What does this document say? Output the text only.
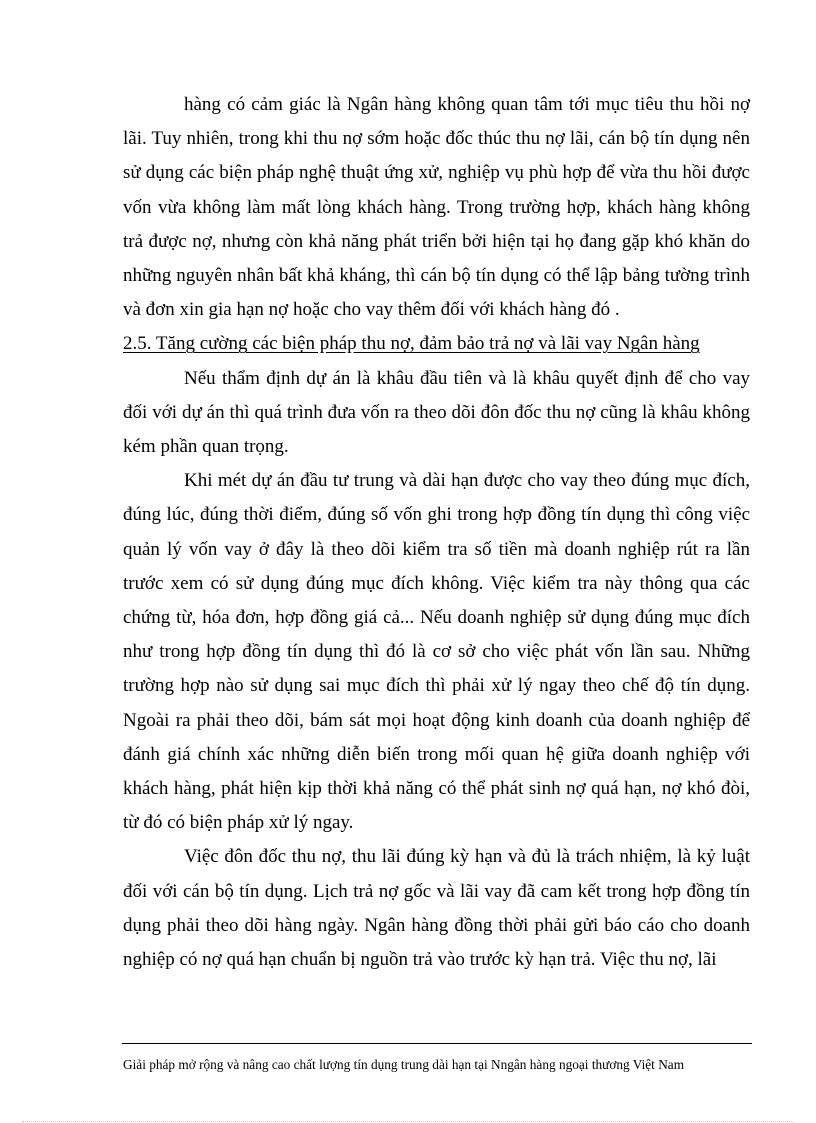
hàng có cảm giác là Ngân hàng không quan tâm tới mục tiêu thu hồi nợ lãi. Tuy nhiên, trong khi thu nợ sớm hoặc đốc thúc thu nợ lãi, cán bộ tín dụng nên sử dụng các biện pháp nghệ thuật ứng xử, nghiệp vụ phù hợp để vừa thu hồi được vốn vừa không làm mất lòng khách hàng. Trong trường hợp, khách hàng không trả được nợ, nhưng còn khả năng phát triển bởi hiện tại họ đang gặp khó khăn do những nguyên nhân bất khả kháng, thì cán bộ tín dụng có thể lập bảng tường trình và đơn xin gia hạn nợ hoặc cho vay thêm đối với khách hàng đó .

2.5. Tăng cường các biện pháp thu nợ, đảm bảo trả nợ và lãi vay Ngân hàng

Nếu thẩm định dự án là khâu đầu tiên và là khâu quyết định để cho vay đối với dự án thì quá trình đưa vốn ra theo dõi đôn đốc thu nợ cũng là khâu không kém phần quan trọng.

Khi mét dự án đầu tư trung và dài hạn được cho vay theo đúng mục đích, đúng lúc, đúng thời điểm, đúng số vốn ghi trong hợp đồng tín dụng thì công việc quản lý vốn vay ở đây là theo dõi kiểm tra số tiền mà doanh nghiệp rút ra lần trước xem có sử dụng đúng mục đích không. Việc kiểm tra này thông qua các chứng từ, hóa đơn, hợp đồng giá cả... Nếu doanh nghiệp sử dụng đúng mục đích như trong hợp đồng tín dụng thì đó là cơ sở cho việc phát vốn lần sau. Những trường hợp nào sử dụng sai mục đích thì phải xử lý ngay theo chế độ tín dụng. Ngoài ra phải theo dõi, bám sát mọi hoạt động kinh doanh của doanh nghiệp để đánh giá chính xác những diễn biến trong mối quan hệ giữa doanh nghiệp với khách hàng, phát hiện kịp thời khả năng có thể phát sinh nợ quá hạn, nợ khó đòi, từ đó có biện pháp xử lý ngay.

Việc đôn đốc thu nợ, thu lãi đúng kỳ hạn và đủ là trách nhiệm, là kỷ luật đối với cán bộ tín dụng. Lịch trả nợ gốc và lãi vay đã cam kết trong hợp đồng tín dụng phải theo dõi hàng ngày. Ngân hàng đồng thời phải gửi báo cáo cho doanh nghiệp có nợ quá hạn chuẩn bị nguồn trả vào trước kỳ hạn trả. Việc thu nợ, lãi

Giải pháp mở rộng và nâng cao chất lượng tín dụng trung dài hạn tại Nngân hàng ngoại thương Việt Nam
